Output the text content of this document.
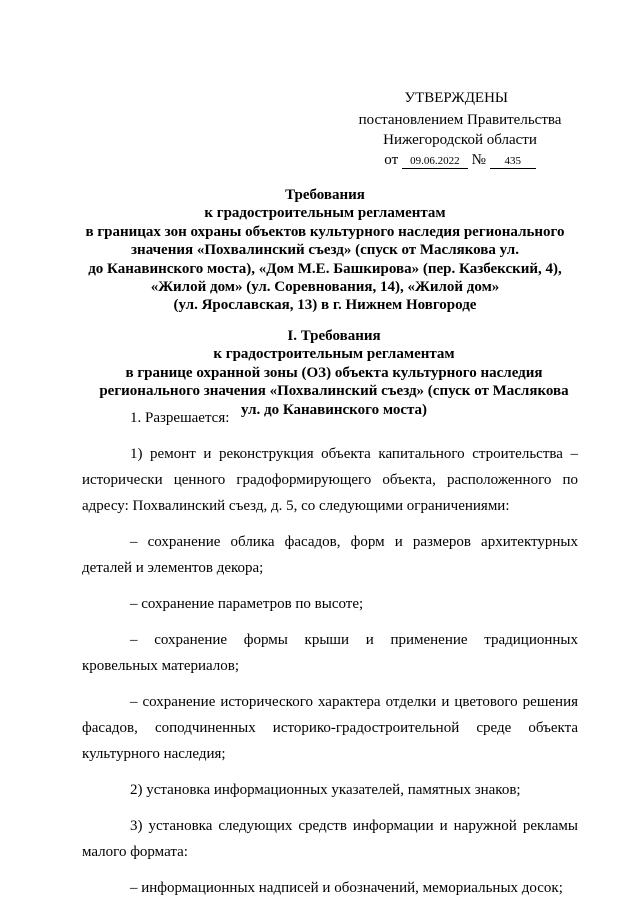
УТВЕРЖДЕНЫ

постановлением Правительства

Нижегородской области

от 09.06.2022 № 435

Требования

к градостроительным регламентам

в границах зон охраны объектов культурного наследия регионального

значения «Похвалинский съезд» (спуск от Маслякова ул.

до Канавинского моста), «Дом М.Е. Башкирова» (пер. Казбекский, 4),

«Жилой дом» (ул. Соревнования, 14), «Жилой дом»

(ул. Ярославская, 13) в г. Нижнем Новгороде

I. Требования

к градостроительным регламентам

в границе охранной зоны (ОЗ) объекта культурного наследия

регионального значения «Похвалинский съезд» (спуск от Маслякова

ул. до Канавинского моста)

1. Разрешается:

1) ремонт и реконструкция объекта капитального строительства – исторически ценного градоформирующего объекта, расположенного по адресу: Похвалинский съезд, д. 5, со следующими ограничениями:

– сохранение облика фасадов, форм и размеров архитектурных деталей и элементов декора;

– сохранение параметров по высоте;

– сохранение формы крыши и применение традиционных кровельных материалов;

– сохранение исторического характера отделки и цветового решения фасадов, соподчиненных историко-градостроительной среде объекта культурного наследия;

2) установка информационных указателей, памятных знаков;

3) установка следующих средств информации и наружной рекламы малого формата:

– информационных надписей и обозначений, мемориальных досок;
